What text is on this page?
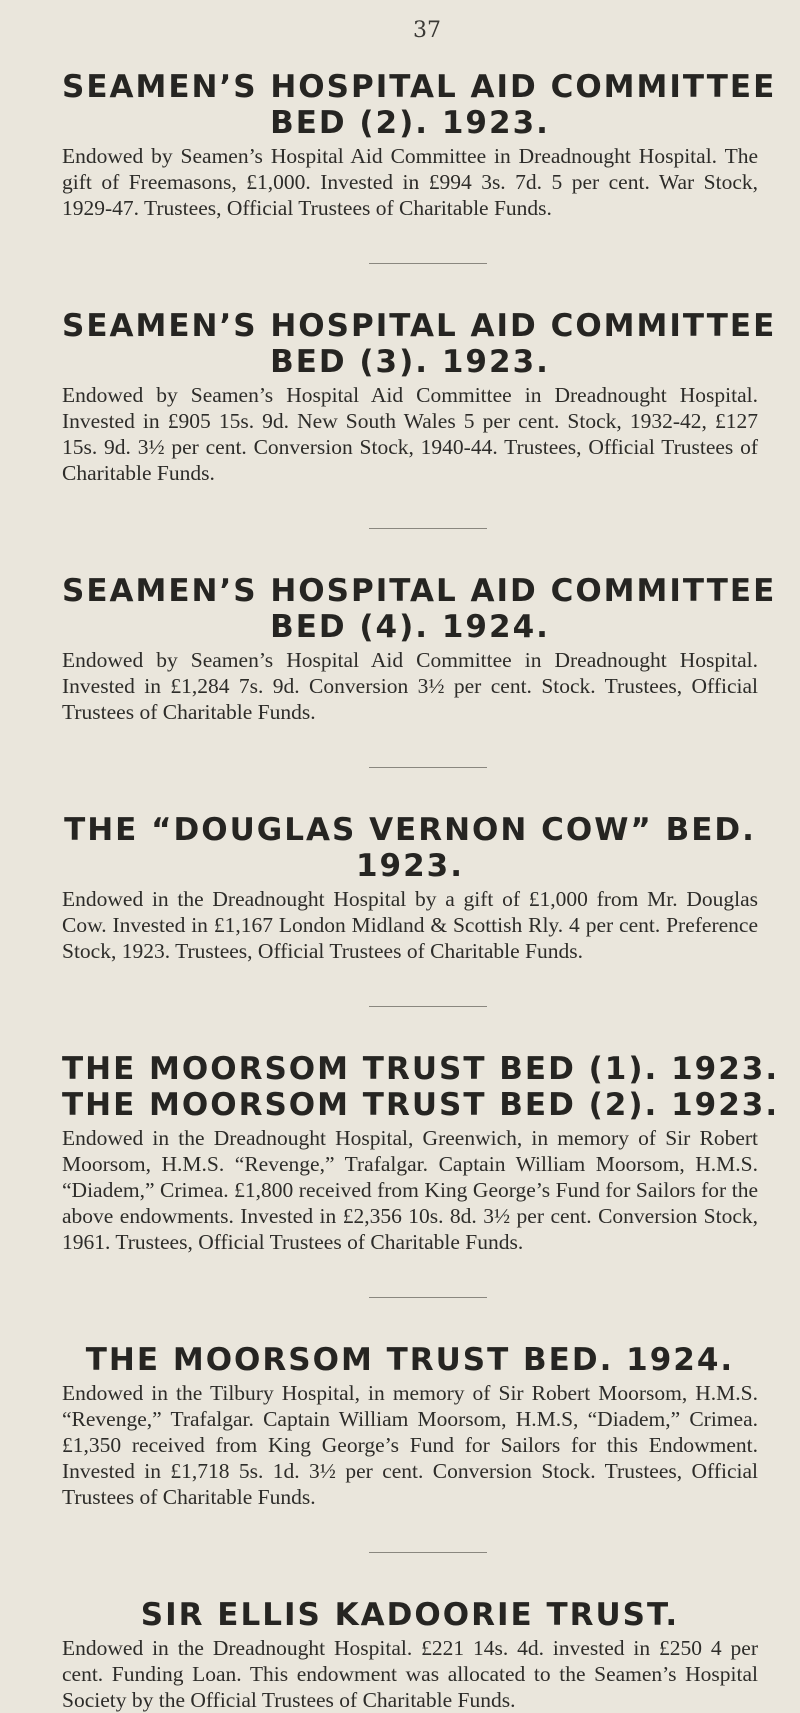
37
SEAMEN’S HOSPITAL AID COMMITTEE
BED (2). 1923.

Endowed by Seamen’s Hospital Aid Committee in Dreadnought Hospital. The gift of Freemasons, £1,000. Invested in £994 3s. 7d. 5 per cent. War Stock, 1929-47. Trustees, Official Trustees of Charitable Funds.

SEAMEN’S HOSPITAL AID COMMITTEE
BED (3). 1923.

Endowed by Seamen’s Hospital Aid Committee in Dreadnought Hospital. Invested in £905 15s. 9d. New South Wales 5 per cent. Stock, 1932-42, £127 15s. 9d. 3½ per cent. Conversion Stock, 1940-44. Trustees, Official Trustees of Charitable Funds.

SEAMEN’S HOSPITAL AID COMMITTEE
BED (4). 1924.

Endowed by Seamen’s Hospital Aid Committee in Dreadnought Hospital. Invested in £1,284 7s. 9d. Conversion 3½ per cent. Stock. Trustees, Official Trustees of Charitable Funds.

THE “DOUGLAS VERNON COW” BED.
1923.

Endowed in the Dreadnought Hospital by a gift of £1,000 from Mr. Douglas Cow. Invested in £1,167 London Midland & Scottish Rly. 4 per cent. Preference Stock, 1923. Trustees, Official Trustees of Charitable Funds.

THE MOORSOM TRUST BED (1). 1923.
THE MOORSOM TRUST BED (2). 1923.

Endowed in the Dreadnought Hospital, Greenwich, in memory of Sir Robert Moorsom, H.M.S. “Revenge,” Trafalgar. Captain William Moorsom, H.M.S. “Diadem,” Crimea. £1,800 received from King George’s Fund for Sailors for the above endowments. Invested in £2,356 10s. 8d. 3½ per cent. Conversion Stock, 1961. Trustees, Official Trustees of Charitable Funds.

THE MOORSOM TRUST BED. 1924.

Endowed in the Tilbury Hospital, in memory of Sir Robert Moorsom, H.M.S. “Revenge,” Trafalgar. Captain William Moorsom, H.M.S, “Diadem,” Crimea. £1,350 received from King George’s Fund for Sailors for this Endowment. Invested in £1,718 5s. 1d. 3½ per cent. Conversion Stock. Trustees, Official Trustees of Charitable Funds.

SIR ELLIS KADOORIE TRUST.

Endowed in the Dreadnought Hospital. £221 14s. 4d. invested in £250 4 per cent. Funding Loan. This endowment was allocated to the Seamen’s Hospital Society by the Official Trustees of Charitable Funds.
